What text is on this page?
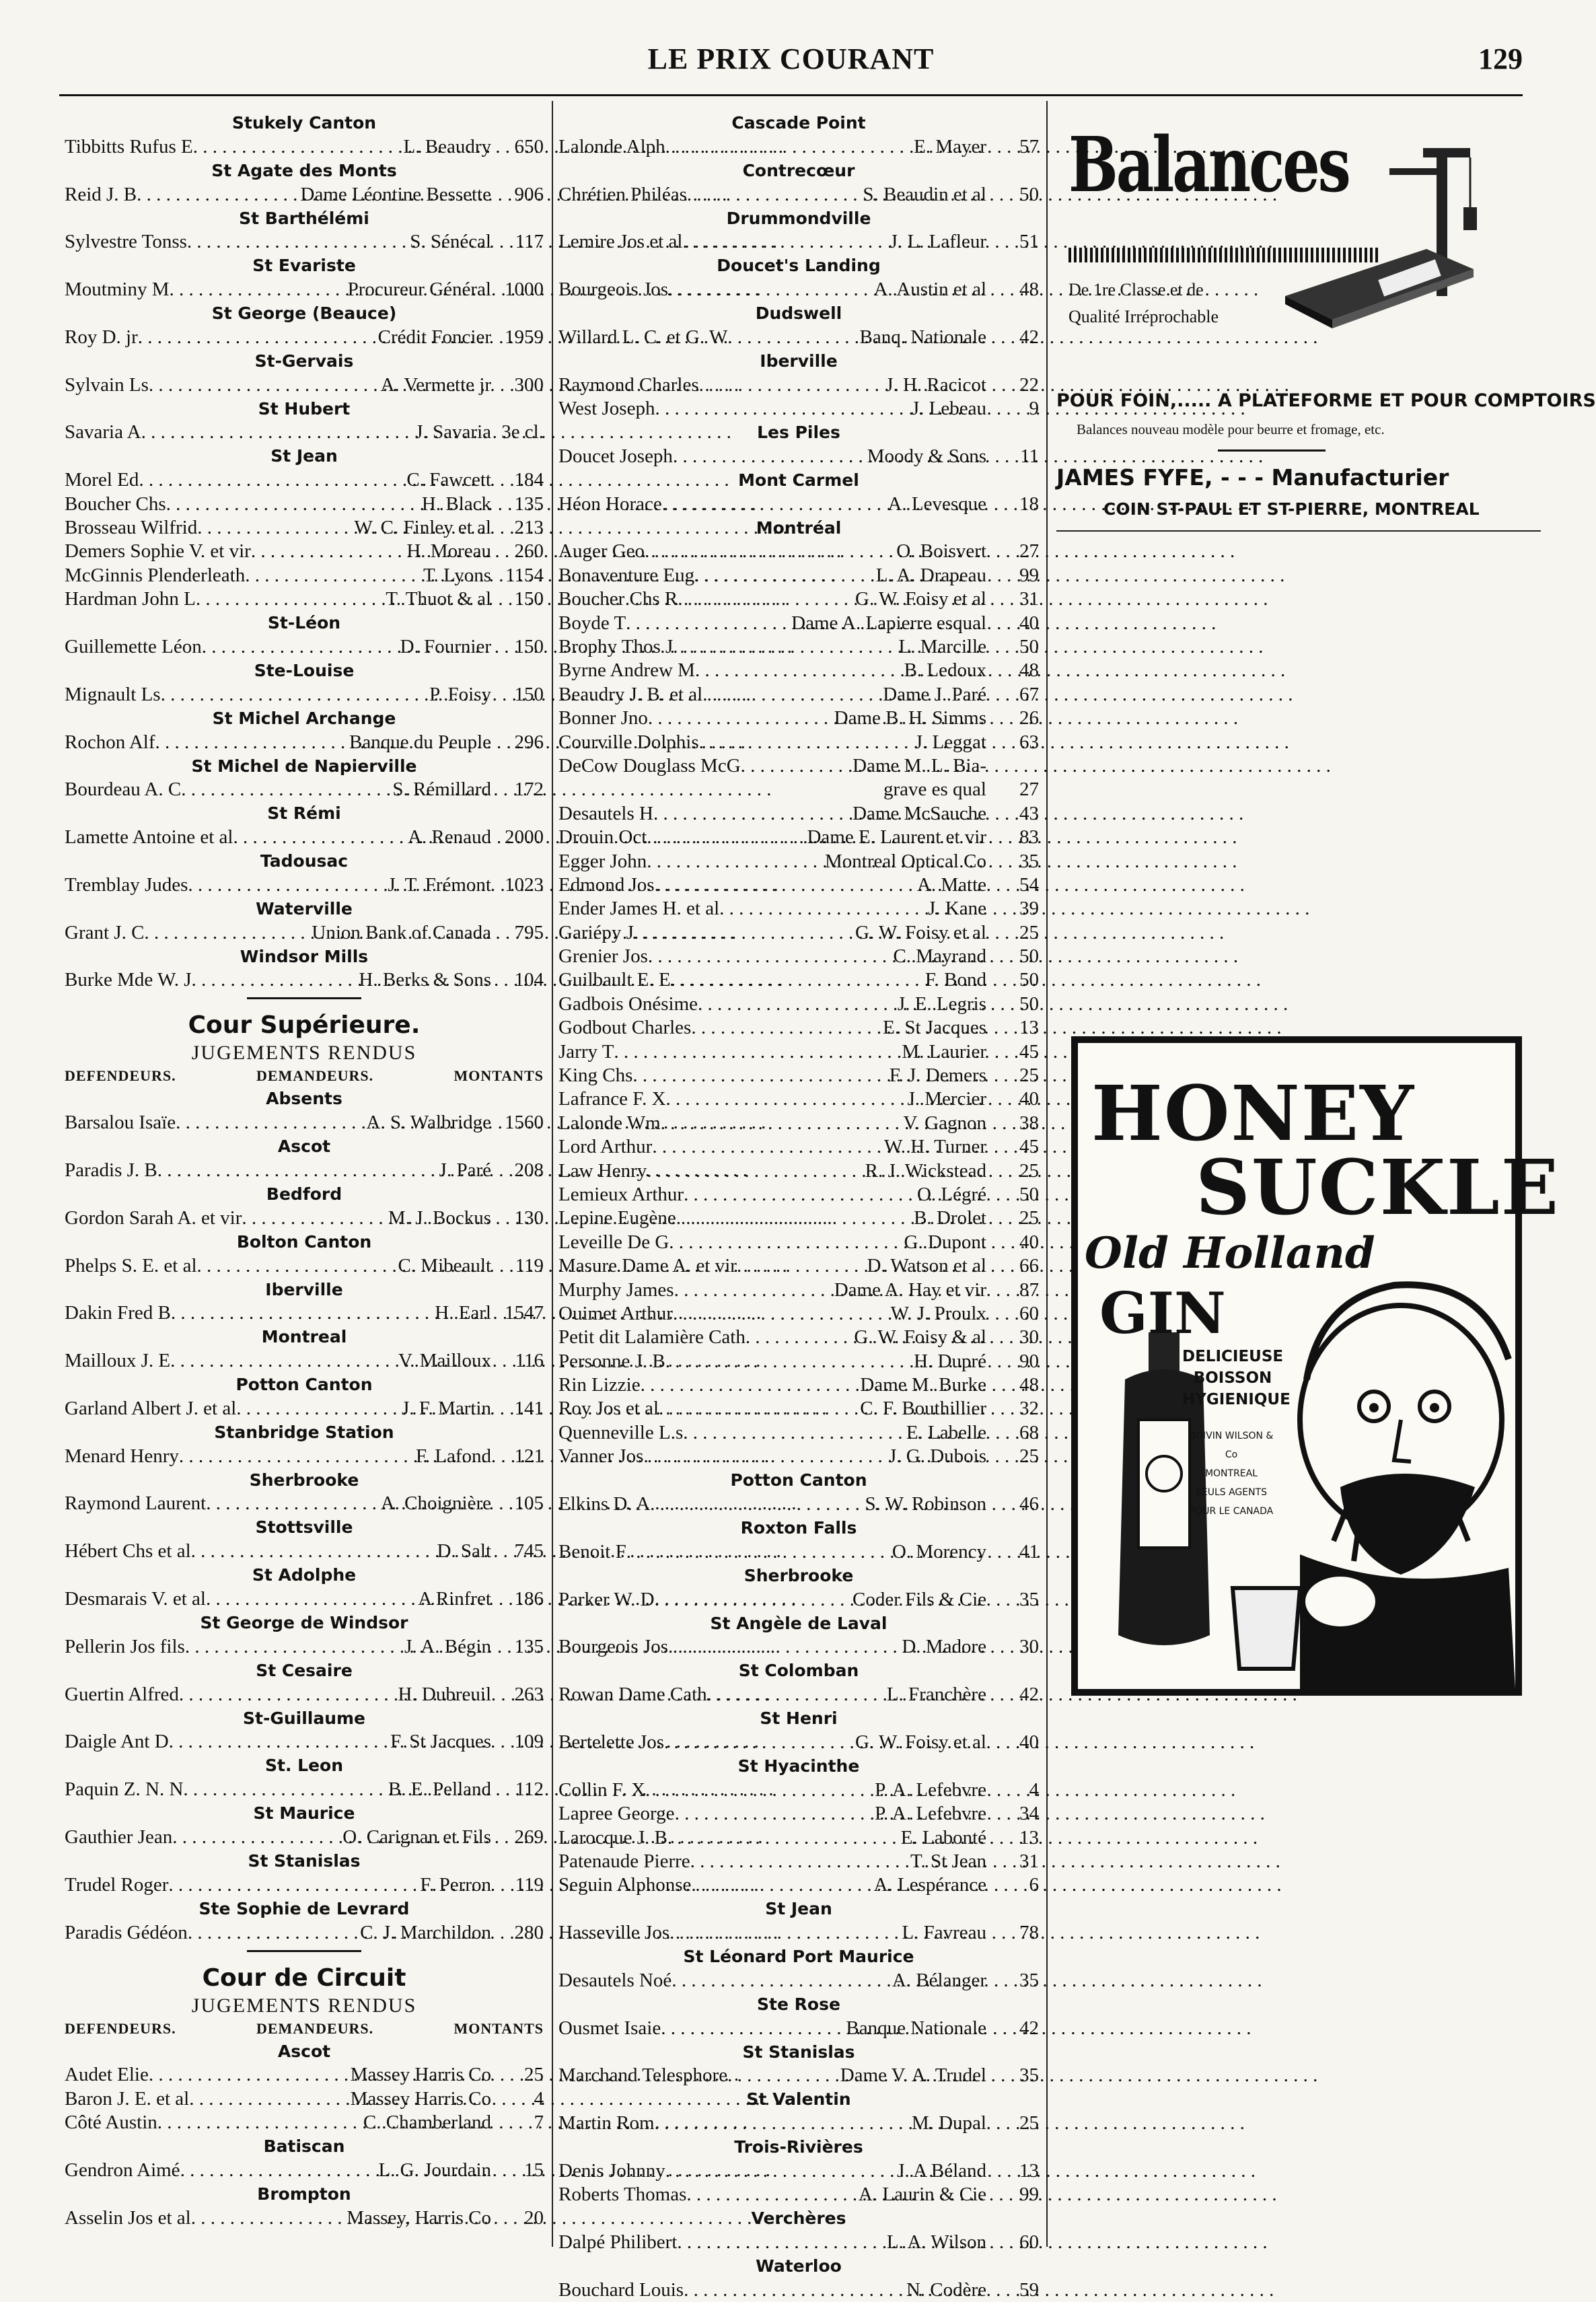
LE PRIX COURANT	129
Stukely Canton
Tibbitts Rufus E . . .	L. Beaudry	650
St Agate des Monts
Reid J. B . . .	Dame Léontine Bessette	906
St Barthélémi
Sylvestre Tonss . . .	S. Sénécal	117
St Evariste
Moutminy M . . .	Procureur Général 1000
St George (Beauce)
Roy D. jr . . .	Crédit Foncier 1959
St-Gervais
Sylvain Ls . . .	A. Vermette jr	300
St Hubert
Savaria A . . .	J. Savaria 3e cl.
St Jean
Morel Ed . . .	C. Fawcett	184
Boucher Chs . . .	H. Black	135
Brosseau Wilfrid . . .	W. C. Finley et al	213
Demers Sophie V. et vir . . .	H. Moreau	260
McGinnis Plenderleath . . .	T. Lyons 1154
Hardman John L . . .	T. Thuot & al	150
St-Léon
Guillemette Léon . . .	D. Fournier	150
Ste-Louise
Mignault Ls . . .	P. Foisy	150
St Michel Archange
Rochon Alf . . .	Banque du Peuple	296
St Michel de Napierville
Bourdeau A. C . . .	S. Rémillard	172
St Rémi
Lamette Antoine et al . . .	A. Renaud 2000
Tadousac
Tremblay Judes . . .	J. T. Frémont 1023
Waterville
Grant J. C . . .	Union Bank of Canada	795
Windsor Mills
Burke Mde W. J . . .	H. Berks & Sons	104
Cour Supérieure.
JUGEMENTS RENDUS
DEFENDEURS.	DEMANDEURS.	MONTANTS
Absents
Barsalou Isaïe . . .	A. S. Walbridge 1560
Ascot
Paradis J. B . . .	J. Paré	208
Bedford
Gordon Sarah A. et vir . . .	M. J. Bockus	130
Bolton Canton
Phelps S. E. et al . . .	C. Mibeault	119
Iberville
Dakin Fred B . . .	H. Earl 1547
Montreal
Mailloux J. E . . .	V. Mailloux	116
Potton Canton
Garland Albert J. et al . . .	J. F. Martin	141
Stanbridge Station
Menard Henry . . .	F. Lafond	121
Sherbrooke
Raymond Laurent . . .	A. Choignière	105
Stottsville
Hébert Chs et al . . .	D. Salt	745
St Adolphe
Desmarais V. et al . . .	A Rinfret	186
St George de Windsor
Pellerin Jos fils . . .	J. A. Bégin	135
St Cesaire
Guertin Alfred . . .	H. Dubreuil	263
St-Guillaume
Daigle Ant D . . .	F. St Jacques	109
St. Leon
Paquin Z. N. N . . .	B. E. Pelland	112
St Maurice
Gauthier Jean . . .	O. Carignan et Fils	269
St Stanislas
Trudel Roger . . .	F. Perron	119
Ste Sophie de Levrard
Paradis Gédéon . . .	C. J. Marchildon	280
Cour de Circuit
JUGEMENTS RENDUS
DEFENDEURS.	DEMANDEURS.	MONTANTS
Ascot
Audet Elie . . .	Massey Harris Co	25
Baron J. E. et al . . .	Massey Harris Co	4
Côté Austin . . .	C. Chamberland	7
Batiscan
Gendron Aimé . . .	L. G. Jourdain	15
Brompton
Asselin Jos et al . . .	Massey, Harris Co	20
Cascade Point
Lalonde Alph . . .	E. Mayer	57
Contrecœur
Chrétien Philéas . . .	S. Beaudin et al	50
Drummondville
Lemire Jos et al . . .	J. L. Lafleur	51
Doucet's Landing
Bourgeois Jos . . .	A. Austin et al	48
Dudswell
Willard L. C. et G. W . . .	Banq. Nationale	42
Iberville
Raymond Charles . . .	J. H. Racicot	22
West Joseph . . .	J. Lebeau	9
Les Piles
Doucet Joseph . . .	Moody & Sons	11
Mont Carmel
Héon Horace . . .	A. Levesque	18
Montréal
Auger Geo . . .	O. Boisvert	27
Bonaventure Eug . . .	L. A. Drapeau	99
Boucher Chs R . . .	G. W. Foisy et al	31
Boyde T . . .	Dame A. Lapierre esqual	40
Brophy Thos J . . .	L. Marcille	50
Byrne Andrew M . . .	B. Ledoux	48
Beaudry J. B. et al . . .	Dame J. Paré	67
Bonner Jno . . .	Dame B. H. Simms	26
Courville Dolphis . . .	J. Leggat	63
DeCow Douglass McG . . .	Dame M. L. Bia-
grave es qual	27
Desautels H . . .	Dame McSauche	43
Drouin Oct . . .	Dame E. Laurent et vir	83
Egger John . . .	Montreal Optical Co	35
Edmond Jos . . .	A. Matte	54
Ender James H. et al . . .	J. Kane	39
Gariépy J . . .	G. W. Foisy et al	25
Grenier Jos . . .	C. Mayrand	50
Guilbault E. E . . .	F. Bond	50
Gadbois Onésime . . .	J. E. Legris	50
Godbout Charles . . .	E. St Jacques	13
Jarry T . . .	M. Laurier	45
King Chs . . .	F. J. Demers	25
Lafrance F. X . . .	J. Mercier	40
Lalonde Wm . . .	V. Gagnon	38
Lord Arthur . . .	W. H. Turner	45
Law Henry . . .	R. J. Wickstead	25
Lemieux Arthur . . .	O. Légré	50
Lepine Eugène . . .	B. Drolet	25
Leveille De G . . .	G. Dupont	40
Masure Dame A. et vir . . .	D. Watson et al	66
Murphy James . . .	Dame A. Hay et vir	87
Ouimet Arthur . . .	W. J. Proulx	60
Petit dit Lalamière Cath . . .	G. W. Foisy & al	30
Personne J. B . . .	H. Dupré	90
Rin Lizzie . . .	Dame M. Burke	48
Roy Jos et al . . .	C. F. Bouthillier	32
Quenneville L.s . . .	E. Labelle	68
Vanner Jos . . .	J. G. Dubois	25
Potton Canton
Elkins D. A . . .	S. W. Robinson	46
Roxton Falls
Benoit F . . .	O. Morency	41
Sherbrooke
Parker W. D . . .	Coder Fils & Cie	35
St Angèle de Laval
Bourgeois Jos . . .	D. Madore	30
St Colomban
Rowan Dame Cath . . .	L. Franchère	42
St Henri
Bertelette Jos . . .	G. W. Foisy et al	40
St Hyacinthe
Collin F. X . . .	P. A. Lefebvre	4
Lapree George . . .	P. A. Lefebvre	34
Larocque J. B . . .	E. Labonté	13
Patenaude Pierre . . .	T. St Jean	31
Seguin Alphonse . . .	A. Lespérance	6
St Jean
Hasseville Jos . . .	L. Favreau	78
St Léonard Port Maurice
Desautels Noé . . .	A. Bélanger	35
Ste Rose
Ousmet Isaie . . .	Banque Nationale	42
St Stanislas
Marchand Telesphore . . .	Dame V. A. Trudel	35
St Valentin
Martin Rom . . .	M. Dupal	25
Trois-Rivières
Denis Johnny . . .	J. A Béland	13
Roberts Thomas . . .	A. Laurin & Cie	99
Verchères
Dalpé Philibert . . .	L. A. Wilson	60
Waterloo
Bouchard Louis . . .	N. Codère	59
Balances
De 1re Classe et de
Qualité Irréprochable
POUR FOIN,..... A PLATEFORME ET POUR COMPTOIRS
Balances nouveau modèle pour beurre et fromage, etc.
JAMES FYFE, - - - Manufacturier
COIN ST-PAUL ET ST-PIERRE, MONTREAL
HONEY
SUCKLE
Old Holland
GIN
DELICIEUSE
BOISSON
HYGIENIQUE
BOIVIN WILSON & Co
MONTREAL
SEULS AGENTS POUR LE CANADA
